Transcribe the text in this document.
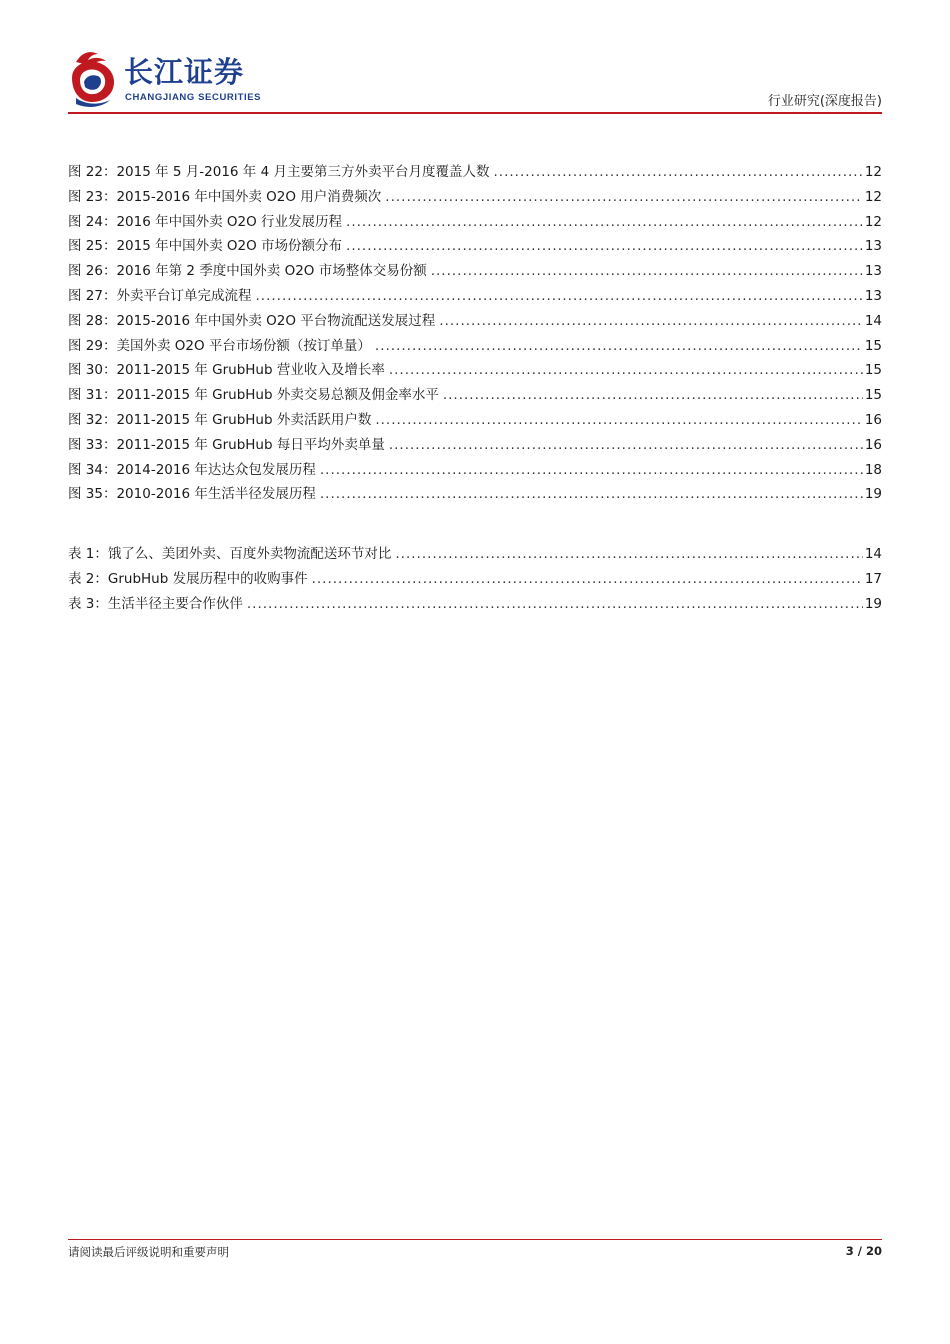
长江证券
CHANGJIANG SECURITIES	行业研究(深度报告)
图 22：2015 年 5 月-2016 年 4 月主要第三方外卖平台月度覆盖人数 .....	12
图 23：2015-2016 年中国外卖 O2O 用户消费频次 .....	12
图 24：2016 年中国外卖 O2O 行业发展历程 .....	12
图 25：2015 年中国外卖 O2O 市场份额分布 .....	13
图 26：2016 年第 2 季度中国外卖 O2O 市场整体交易份额 .....	13
图 27：外卖平台订单完成流程 .....	13
图 28：2015-2016 年中国外卖 O2O 平台物流配送发展过程 .....	14
图 29：美国外卖 O2O 平台市场份额（按订单量） .....	15
图 30：2011-2015 年 GrubHub 营业收入及增长率 .....	15
图 31：2011-2015 年 GrubHub 外卖交易总额及佣金率水平 .....	15
图 32：2011-2015 年 GrubHub 外卖活跃用户数 .....	16
图 33：2011-2015 年 GrubHub 每日平均外卖单量 .....	16
图 34：2014-2016 年达达众包发展历程 .....	18
图 35：2010-2016 年生活半径发展历程 .....	19
表 1：饿了么、美团外卖、百度外卖物流配送环节对比 .....	14
表 2：GrubHub 发展历程中的收购事件 .....	17
表 3：生活半径主要合作伙伴 .....	19
请阅读最后评级说明和重要声明	3 / 20
